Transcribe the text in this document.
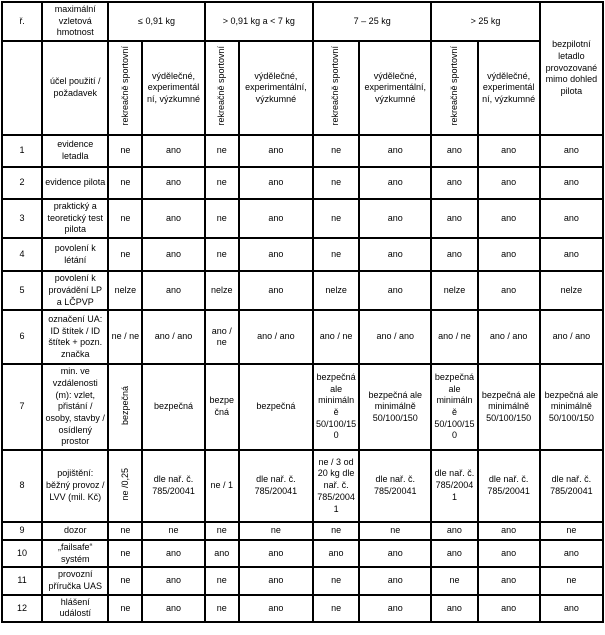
ř.	maximální vzletová hmotnost	≤ 0,91 kg		> 0,91 kg a < 7 kg		7 – 25 kg		> 25 kg		bezpilotní letadlo provozované mimo dohled pilota
	účel použití / požadavek	rekreačně sportovní	výdělečné, experimentální, výzkumné	rekreačně sportovní	výdělečné, experimentální, výzkumné	rekreačně sportovní	výdělečné, experimentální, výzkumné	rekreačně sportovní	výdělečné, experimentální, výzkumné	
1	evidence letadla	ne	ano	ne	ano	ne	ano	ano	ano	ano
2	evidence pilota	ne	ano	ne	ano	ne	ano	ano	ano	ano
3	praktický a teoretický test pilota	ne	ano	ne	ano	ne	ano	ano	ano	ano
4	povolení k létání	ne	ano	ne	ano	ne	ano	ano	ano	ano
5	povolení k provádění LP a LČPVP	nelze	ano	nelze	ano	nelze	ano	nelze	ano	nelze
6	označení UA: ID štítek / ID štítek + pozn. značka	ne / ne	ano / ano	ano / ne	ano / ano	ano / ne	ano / ano	ano / ne	ano / ano	ano / ano
7	min. ve vzdálenosti (m): vzlet, přistání / osoby, stavby / osídlený prostor	bezpečná	bezpečná	bezpečná	bezpečná	bezpečná ale minimálně 50/100/150	bezpečná ale minimálně 50/100/150	bezpečná ale minimálně 50/100/150	bezpečná ale minimálně 50/100/150	bezpečná ale minimálně 50/100/150
8	pojištění: běžný provoz / LVV (mil. Kč)	ne /0,25	dle nař. č. 785/20041	ne / 1	dle nař. č. 785/20041	ne / 3 od 20 kg dle nař. č. 785/20041	dle nař. č. 785/20041	dle nař. č. 785/20041	dle nař. č. 785/20041	dle nař. č. 785/20041
9	dozor	ne	ne	ne	ne	ne	ne	ano	ano	ne
10	„failsafe“ systém	ne	ano	ano	ano	ano	ano	ano	ano	ano
11	provozní příručka UAS	ne	ano	ne	ano	ne	ano	ne	ano	ne
12	hlášení událostí	ne	ano	ne	ano	ne	ano	ano	ano	ano
